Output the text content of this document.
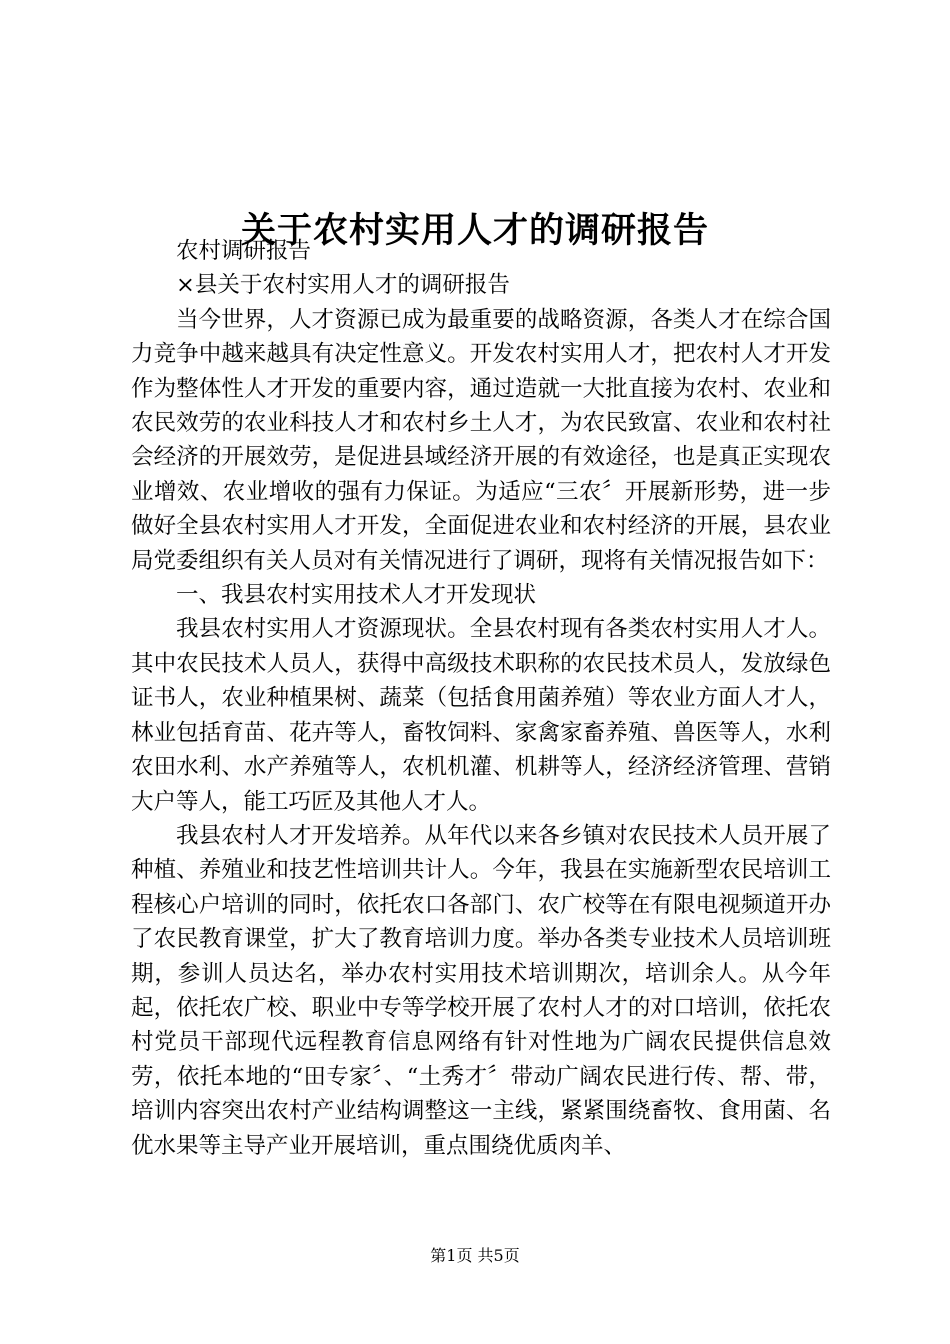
关于农村实用人才的调研报告

农村调研报告

×县关于农村实用人才的调研报告

当今世界，人才资源已成为最重要的战略资源，各类人才在综合国力竞争中越来越具有决定性意义。开发农村实用人才，把农村人才开发作为整体性人才开发的重要内容，通过造就一大批直接为农村、农业和农民效劳的农业科技人才和农村乡土人才，为农民致富、农业和农村社会经济的开展效劳，是促进县域经济开展的有效途径，也是真正实现农业增效、农业增收的强有力保证。为适应“三农〞开展新形势，进一步做好全县农村实用人才开发，全面促进农业和农村经济的开展，县农业局党委组织有关人员对有关情况进行了调研，现将有关情况报告如下：

一、我县农村实用技术人才开发现状

我县农村实用人才资源现状。全县农村现有各类农村实用人才人。其中农民技术人员人，获得中高级技术职称的农民技术员人，发放绿色证书人，农业种植果树、蔬菜（包括食用菌养殖）等农业方面人才人，林业包括育苗、花卉等人，畜牧饲料、家禽家畜养殖、兽医等人，水利农田水利、水产养殖等人，农机机灌、机耕等人，经济经济管理、营销大户等人，能工巧匠及其他人才人。

我县农村人才开发培养。从年代以来各乡镇对农民技术人员开展了种植、养殖业和技艺性培训共计人。今年，我县在实施新型农民培训工程核心户培训的同时，依托农口各部门、农广校等在有限电视频道开办了农民教育课堂，扩大了教育培训力度。举办各类专业技术人员培训班期，参训人员达名，举办农村实用技术培训期次，培训余人。从今年起，依托农广校、职业中专等学校开展了农村人才的对口培训，依托农村党员干部现代远程教育信息网络有针对性地为广阔农民提供信息效劳，依托本地的“田专家〞、“土秀才〞带动广阔农民进行传、帮、带，培训内容突出农村产业结构调整这一主线，紧紧围绕畜牧、食用菌、名优水果等主导产业开展培训，重点围绕优质肉羊、

第1页 共5页
